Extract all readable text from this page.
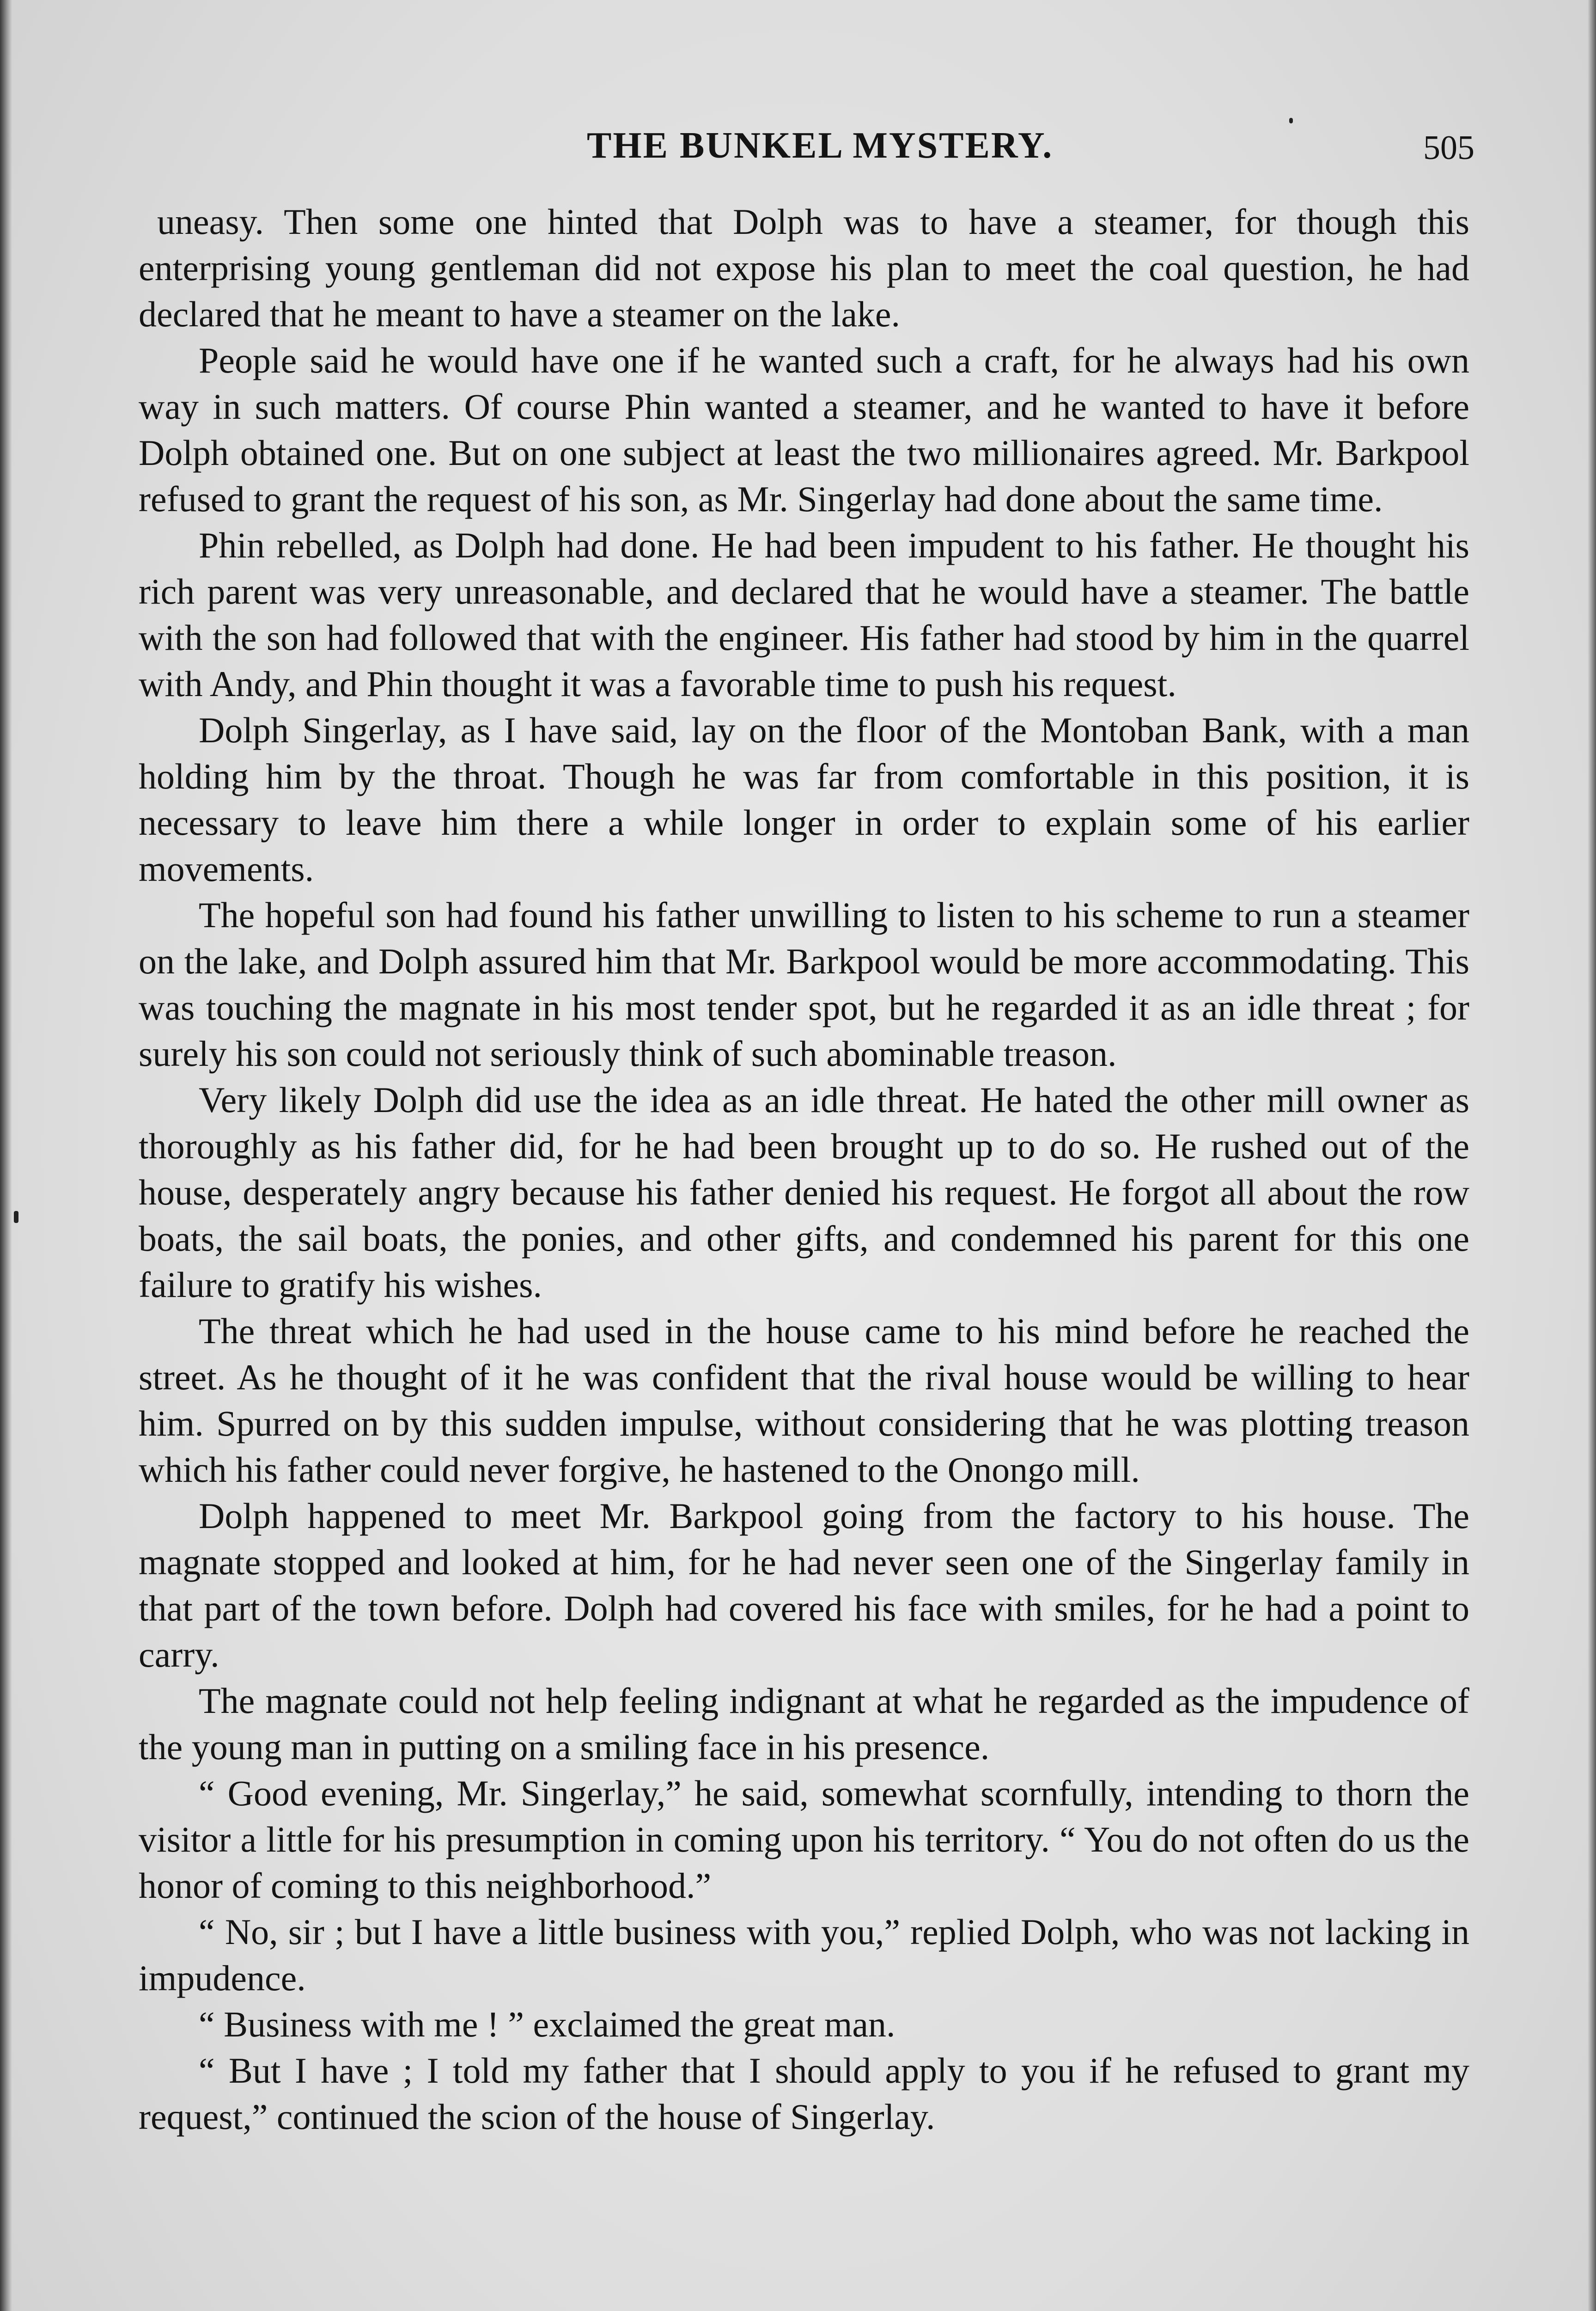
THE BUNKEL MYSTERY.	505

uneasy. Then some one hinted that Dolph was to have a steamer, for though this enterprising young gentleman did not expose his plan to meet the coal question, he had declared that he meant to have a steamer on the lake.

People said he would have one if he wanted such a craft, for he always had his own way in such matters. Of course Phin wanted a steamer, and he wanted to have it before Dolph obtained one. But on one subject at least the two millionaires agreed. Mr. Barkpool refused to grant the request of his son, as Mr. Singerlay had done about the same time.

Phin rebelled, as Dolph had done. He had been impudent to his father. He thought his rich parent was very unreasonable, and declared that he would have a steamer. The battle with the son had followed that with the engineer. His father had stood by him in the quarrel with Andy, and Phin thought it was a favorable time to push his request.

Dolph Singerlay, as I have said, lay on the floor of the Montoban Bank, with a man holding him by the throat. Though he was far from comfortable in this position, it is necessary to leave him there a while longer in order to explain some of his earlier movements.

The hopeful son had found his father unwilling to listen to his scheme to run a steamer on the lake, and Dolph assured him that Mr. Barkpool would be more accommodating. This was touching the magnate in his most tender spot, but he regarded it as an idle threat ; for surely his son could not seriously think of such abominable treason.

Very likely Dolph did use the idea as an idle threat. He hated the other mill owner as thoroughly as his father did, for he had been brought up to do so. He rushed out of the house, desperately angry because his father denied his request. He forgot all about the row boats, the sail boats, the ponies, and other gifts, and condemned his parent for this one failure to gratify his wishes.

The threat which he had used in the house came to his mind before he reached the street. As he thought of it he was confident that the rival house would be willing to hear him. Spurred on by this sudden impulse, without considering that he was plotting treason which his father could never forgive, he hastened to the Onongo mill.

Dolph happened to meet Mr. Barkpool going from the factory to his house. The magnate stopped and looked at him, for he had never seen one of the Singerlay family in that part of the town before. Dolph had covered his face with smiles, for he had a point to carry.

The magnate could not help feeling indignant at what he regarded as the impudence of the young man in putting on a smiling face in his presence.

“ Good evening, Mr. Singerlay,” he said, somewhat scornfully, intending to thorn the visitor a little for his presumption in coming upon his territory. “ You do not often do us the honor of coming to this neighborhood.”

“ No, sir ; but I have a little business with you,” replied Dolph, who was not lacking in impudence.

“ Business with me ! ” exclaimed the great man.

“ But I have ; I told my father that I should apply to you if he refused to grant my request,” continued the scion of the house of Singerlay.
